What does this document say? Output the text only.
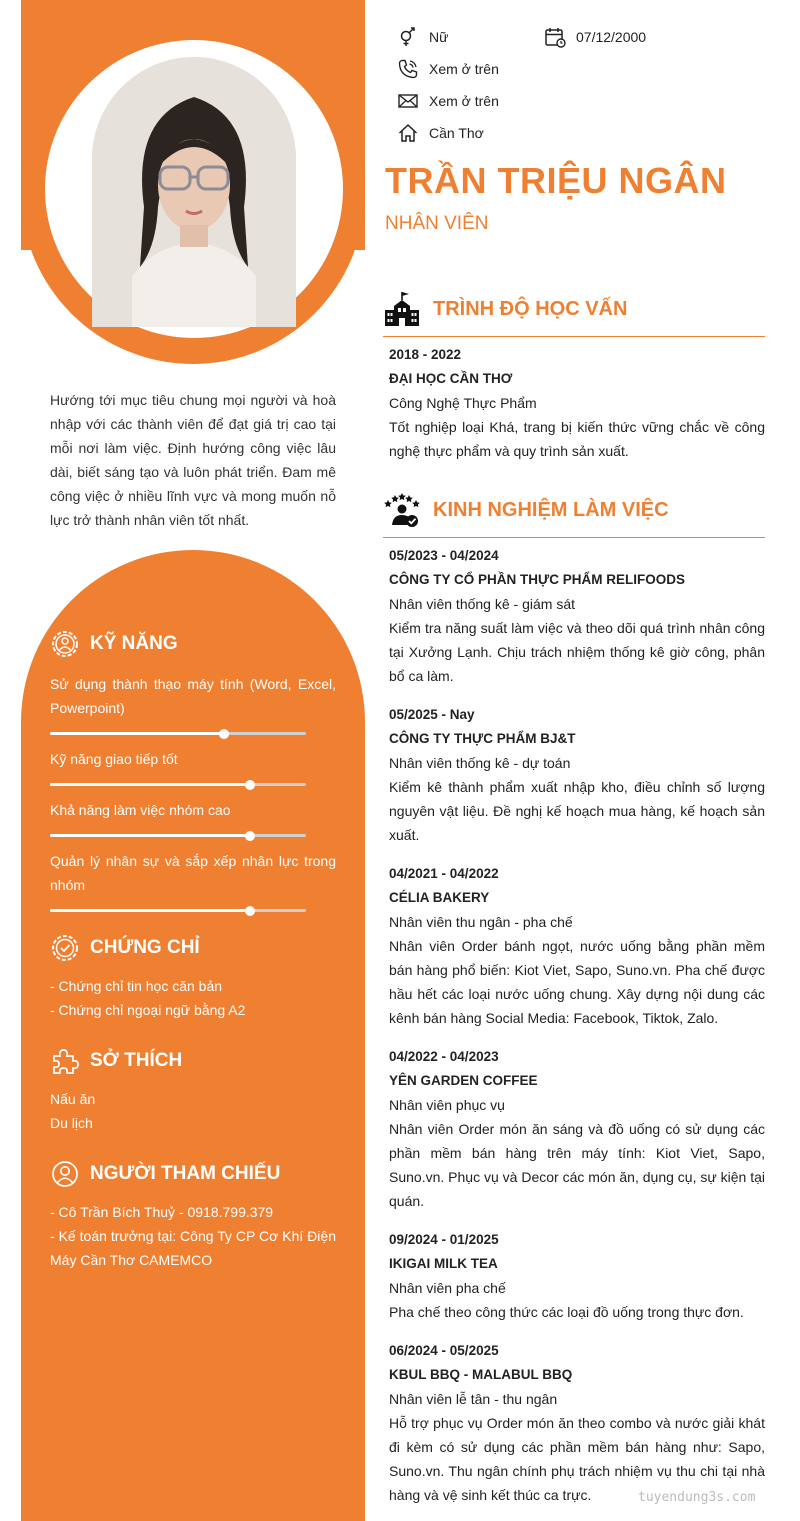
Hướng tới mục tiêu chung mọi người và hoà nhập với các thành viên để đạt giá trị cao tại mỗi nơi làm việc. Định hướng công việc lâu dài, biết sáng tạo và luôn phát triển. Đam mê công việc ở nhiều lĩnh vực và mong muốn nỗ lực trở thành nhân viên tốt nhất.
KỸ NĂNG
Sử dụng thành thạo máy tính (Word, Excel, Powerpoint)
Kỹ năng giao tiếp tốt
Khả năng làm việc nhóm cao
Quản lý nhân sự và sắp xếp nhân lực trong nhóm
CHỨNG CHỈ
- Chứng chỉ tin học căn bản
- Chứng chỉ ngoại ngữ bằng A2
SỞ THÍCH
Nấu ăn
Du lịch
NGƯỜI THAM CHIẾU
- Cô Trần Bích Thuỷ - 0918.799.379
- Kế toán trưởng tại: Công Ty CP Cơ Khí Điện Máy Cần Thơ CAMEMCO
Nữ	07/12/2000
Xem ở trên
Xem ở trên
Cần Thơ
TRẦN TRIỆU NGÂN
NHÂN VIÊN
TRÌNH ĐỘ HỌC VẤN
2018 - 2022
ĐẠI HỌC CẦN THƠ
Công Nghệ Thực Phẩm
Tốt nghiệp loại Khá, trang bị kiến thức vững chắc về công nghệ thực phẩm và quy trình sản xuất.
KINH NGHIỆM LÀM VIỆC
05/2023 - 04/2024
CÔNG TY CỔ PHẦN THỰC PHẨM RELIFOODS
Nhân viên thống kê - giám sát
Kiểm tra năng suất làm việc và theo dõi quá trình nhân công tại Xưởng Lạnh. Chịu trách nhiệm thống kê giờ công, phân bổ ca làm.
05/2025 - Nay
CÔNG TY THỰC PHẨM BJ&T
Nhân viên thống kê - dự toán
Kiểm kê thành phẩm xuất nhập kho, điều chỉnh số lượng nguyên vật liệu. Đề nghị kế hoạch mua hàng, kế hoạch sản xuất.
04/2021 - 04/2022
CÉLIA BAKERY
Nhân viên thu ngân - pha chế
Nhân viên Order bánh ngọt, nước uống bằng phần mềm bán hàng phổ biến: Kiot Viet, Sapo, Suno.vn. Pha chế được hầu hết các loại nước uống chung. Xây dựng nội dung các kênh bán hàng Social Media: Facebook, Tiktok, Zalo.
04/2022 - 04/2023
YÊN GARDEN COFFEE
Nhân viên phục vụ
Nhân viên Order món ăn sáng và đồ uống có sử dụng các phần mềm bán hàng trên máy tính: Kiot Viet, Sapo, Suno.vn. Phục vụ và Decor các món ăn, dụng cụ, sự kiện tại quán.
09/2024 - 01/2025
IKIGAI MILK TEA
Nhân viên pha chế
Pha chế theo công thức các loại đồ uống trong thực đơn.
06/2024 - 05/2025
KBUL BBQ - MALABUL BBQ
Nhân viên lễ tân - thu ngân
Hỗ trợ phục vụ Order món ăn theo combo và nước giải khát đi kèm có sử dụng các phần mềm bán hàng như: Sapo, Suno.vn. Thu ngân chính phụ trách nhiệm vụ thu chi tại nhà hàng và vệ sinh kết thúc ca trực.	tuyendung3s.com
